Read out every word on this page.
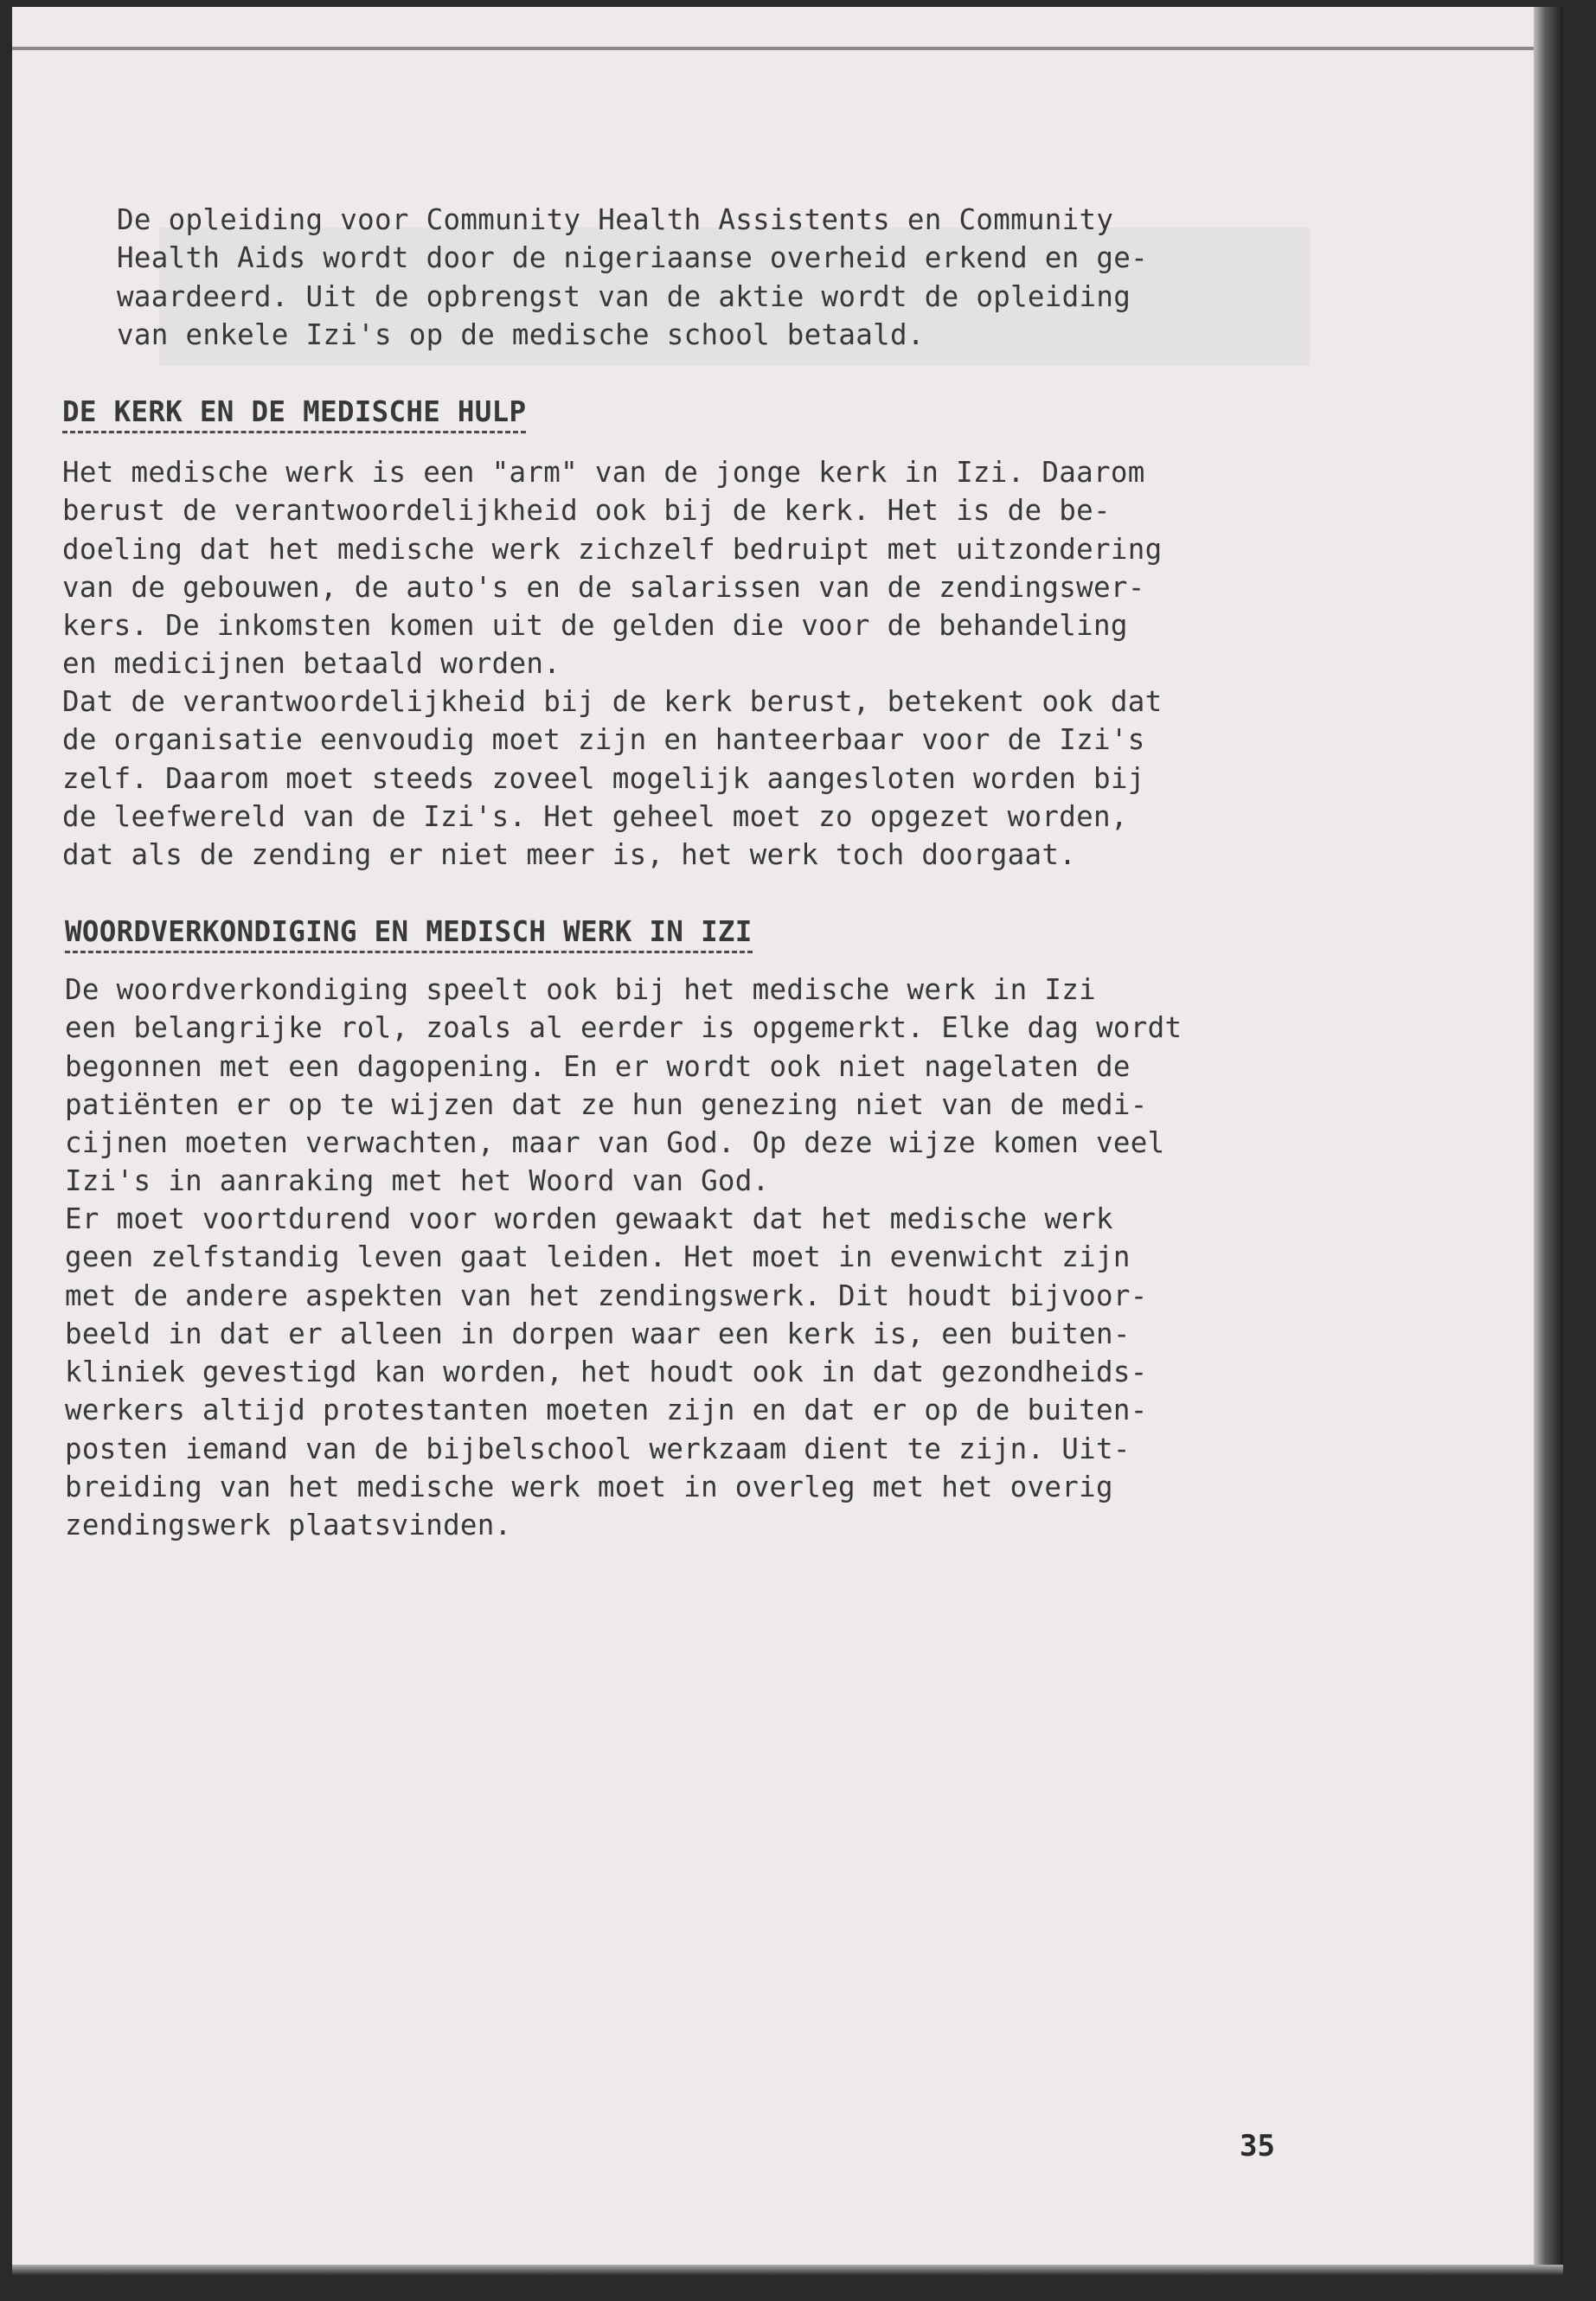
De opleiding voor Community Health Assistents en Community
Health Aids wordt door de nigeriaanse overheid erkend en ge-
waardeerd. Uit de opbrengst van de aktie wordt de opleiding
van enkele Izi's op de medische school betaald.

DE KERK EN DE MEDISCHE HULP

Het medische werk is een "arm" van de jonge kerk in Izi. Daarom
berust de verantwoordelijkheid ook bij de kerk. Het is de be-
doeling dat het medische werk zichzelf bedruipt met uitzondering
van de gebouwen, de auto's en de salarissen van de zendingswer-
kers. De inkomsten komen uit de gelden die voor de behandeling
en medicijnen betaald worden.

Dat de verantwoordelijkheid bij de kerk berust, betekent ook dat
de organisatie eenvoudig moet zijn en hanteerbaar voor de Izi's
zelf. Daarom moet steeds zoveel mogelijk aangesloten worden bij
de leefwereld van de Izi's. Het geheel moet zo opgezet worden,
dat als de zending er niet meer is, het werk toch doorgaat.

WOORDVERKONDIGING EN MEDISCH WERK IN IZI

De woordverkondiging speelt ook bij het medische werk in Izi
een belangrijke rol, zoals al eerder is opgemerkt. Elke dag wordt
begonnen met een dagopening. En er wordt ook niet nagelaten de
patiënten er op te wijzen dat ze hun genezing niet van de medi-
cijnen moeten verwachten, maar van God. Op deze wijze komen veel
Izi's in aanraking met het Woord van God.

Er moet voortdurend voor worden gewaakt dat het medische werk
geen zelfstandig leven gaat leiden. Het moet in evenwicht zijn
met de andere aspekten van het zendingswerk. Dit houdt bijvoor-
beeld in dat er alleen in dorpen waar een kerk is, een buiten-
kliniek gevestigd kan worden, het houdt ook in dat gezondheids-
werkers altijd protestanten moeten zijn en dat er op de buiten-
posten iemand van de bijbelschool werkzaam dient te zijn. Uit-
breiding van het medische werk moet in overleg met het overig
zendingswerk plaatsvinden.

35
